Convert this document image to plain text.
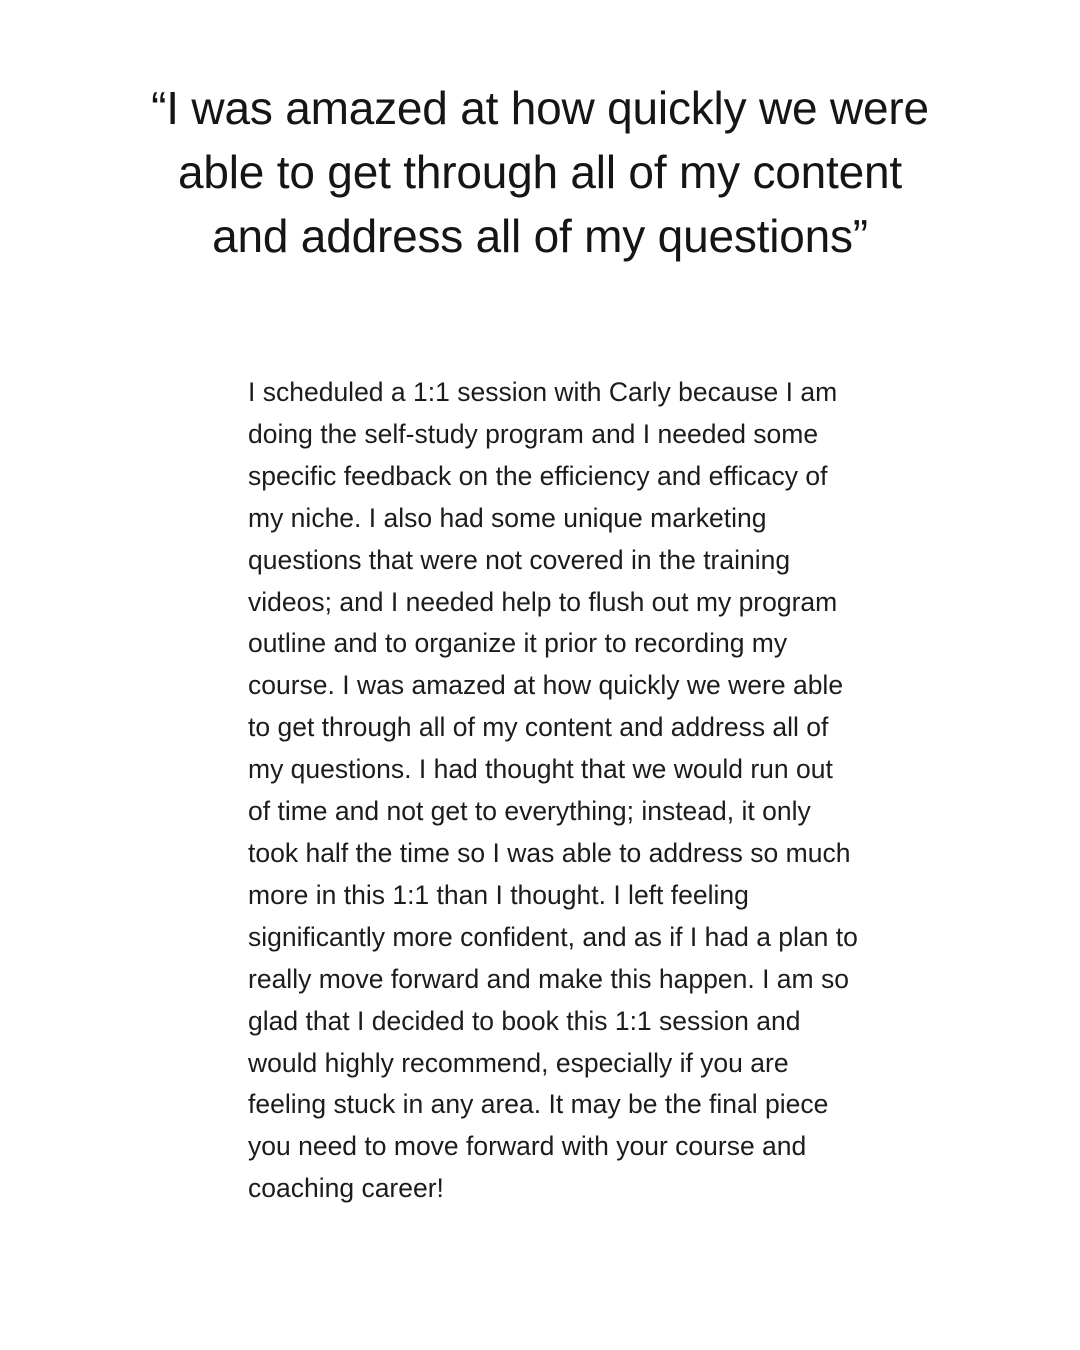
“I was amazed at how quickly we were able to get through all of my content and address all of my questions”

I scheduled a 1:1 session with Carly because I am doing the self-study program and I needed some specific feedback on the efficiency and efficacy of my niche. I also had some unique marketing questions that were not covered in the training videos; and I needed help to flush out my program outline and to organize it prior to recording my course. I was amazed at how quickly we were able to get through all of my content and address all of my questions. I had thought that we would run out of time and not get to everything; instead, it only took half the time so I was able to address so much more in this 1:1 than I thought. I left feeling significantly more confident, and as if I had a plan to really move forward and make this happen. I am so glad that I decided to book this 1:1 session and would highly recommend, especially if you are feeling stuck in any area. It may be the final piece you need to move forward with your course and coaching career!
